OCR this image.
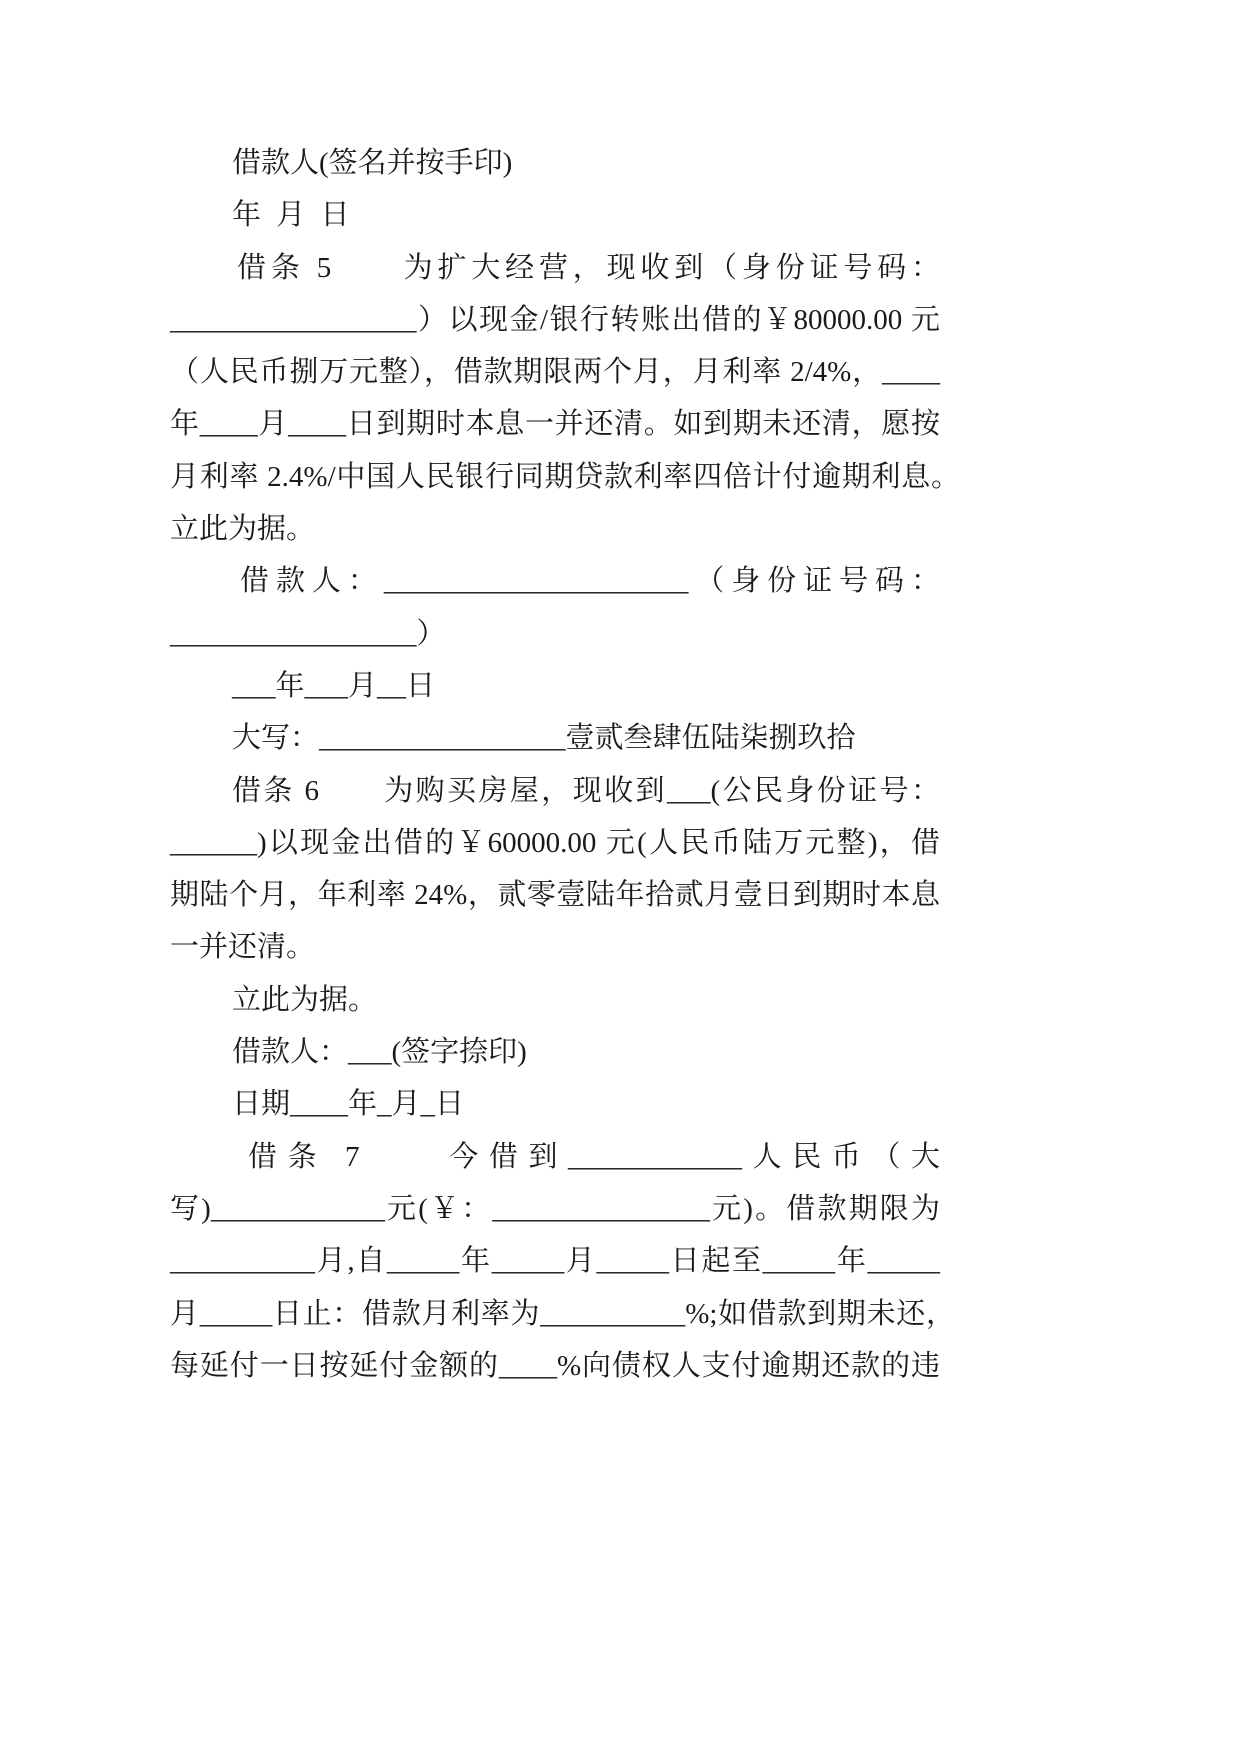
借款人(签名并按手印)
年 月 日
借条 5　　为扩大经营，现收到（身份证号码：
_________________）以现金/银行转账出借的￥80000.00 元
（人民币捌万元整），借款期限两个月，月利率 2/4%，____
年____月____日到期时本息一并还清。如到期未还清，愿按
月利率 2.4%/中国人民银行同期贷款利率四倍计付逾期利息。
立此为据。
借款人：_____________________（身份证号码：
_________________）
___年___月__日
大写：_________________壹贰叁肆伍陆柒捌玖拾
借条 6　　为购买房屋，现收到___(公民身份证号：
______)以现金出借的￥60000.00 元(人民币陆万元整)，借
期陆个月，年利率 24%，贰零壹陆年拾贰月壹日到期时本息
一并还清。
立此为据。
借款人：___(签字捺印)
日期____年_月_日
借条 7　　今借到____________人民币（大
写)____________元(￥：_______________元)。借款期限为
__________月,自_____年_____月_____日起至_____年_____
月_____日止：借款月利率为__________%;如借款到期未还，
每延付一日按延付金额的____%向债权人支付逾期还款的违
